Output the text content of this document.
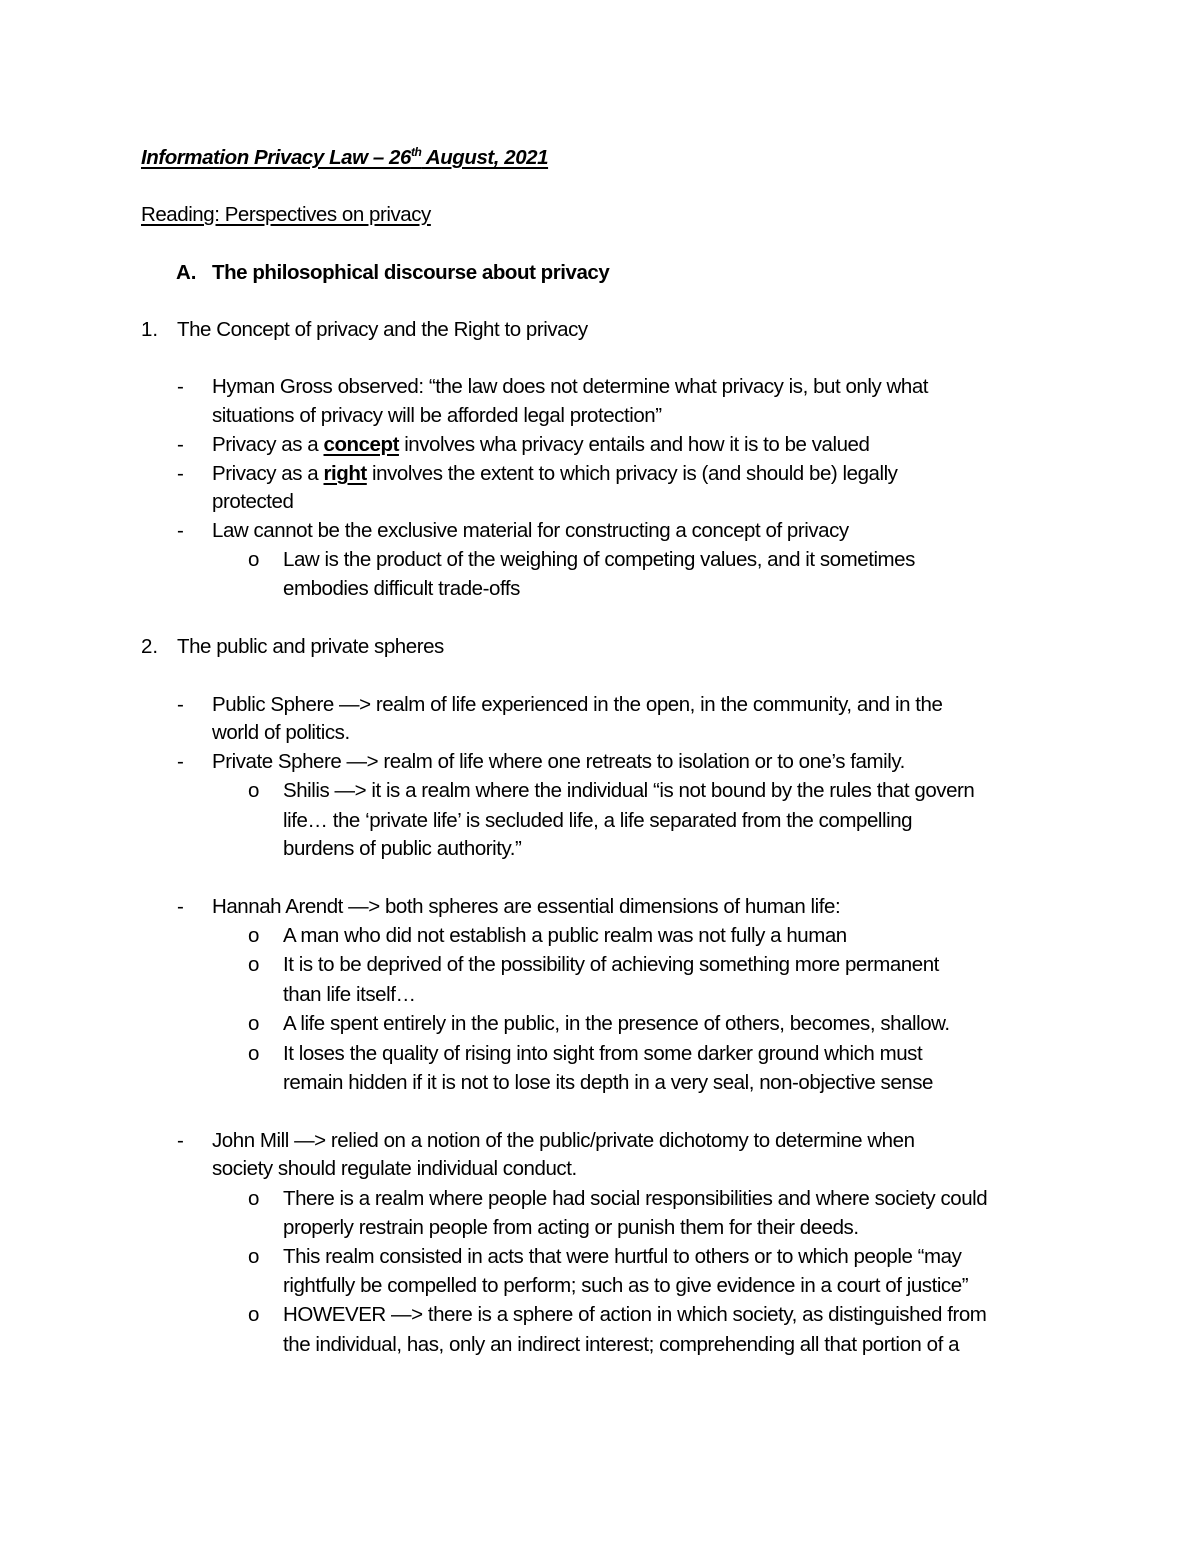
Information Privacy Law – 26th August, 2021
Reading: Perspectives on privacy
A. The philosophical discourse about privacy
1. The Concept of privacy and the Right to privacy
- Hyman Gross observed: “the law does not determine what privacy is, but only what
situations of privacy will be afforded legal protection”
- Privacy as a concept involves wha privacy entails and how it is to be valued
- Privacy as a right involves the extent to which privacy is (and should be) legally
protected
- Law cannot be the exclusive material for constructing a concept of privacy
o Law is the product of the weighing of competing values, and it sometimes
embodies difficult trade-offs
2. The public and private spheres
- Public Sphere —> realm of life experienced in the open, in the community, and in the
world of politics.
- Private Sphere —> realm of life where one retreats to isolation or to one’s family.
o Shilis —> it is a realm where the individual “is not bound by the rules that govern
life… the ‘private life’ is secluded life, a life separated from the compelling
burdens of public authority.”
- Hannah Arendt —> both spheres are essential dimensions of human life:
o A man who did not establish a public realm was not fully a human
o It is to be deprived of the possibility of achieving something more permanent
than life itself…
o A life spent entirely in the public, in the presence of others, becomes, shallow.
o It loses the quality of rising into sight from some darker ground which must
remain hidden if it is not to lose its depth in a very seal, non-objective sense
- John Mill —> relied on a notion of the public/private dichotomy to determine when
society should regulate individual conduct.
o There is a realm where people had social responsibilities and where society could
properly restrain people from acting or punish them for their deeds.
o This realm consisted in acts that were hurtful to others or to which people “may
rightfully be compelled to perform; such as to give evidence in a court of justice”
o HOWEVER —> there is a sphere of action in which society, as distinguished from
the individual, has, only an indirect interest; comprehending all that portion of a
